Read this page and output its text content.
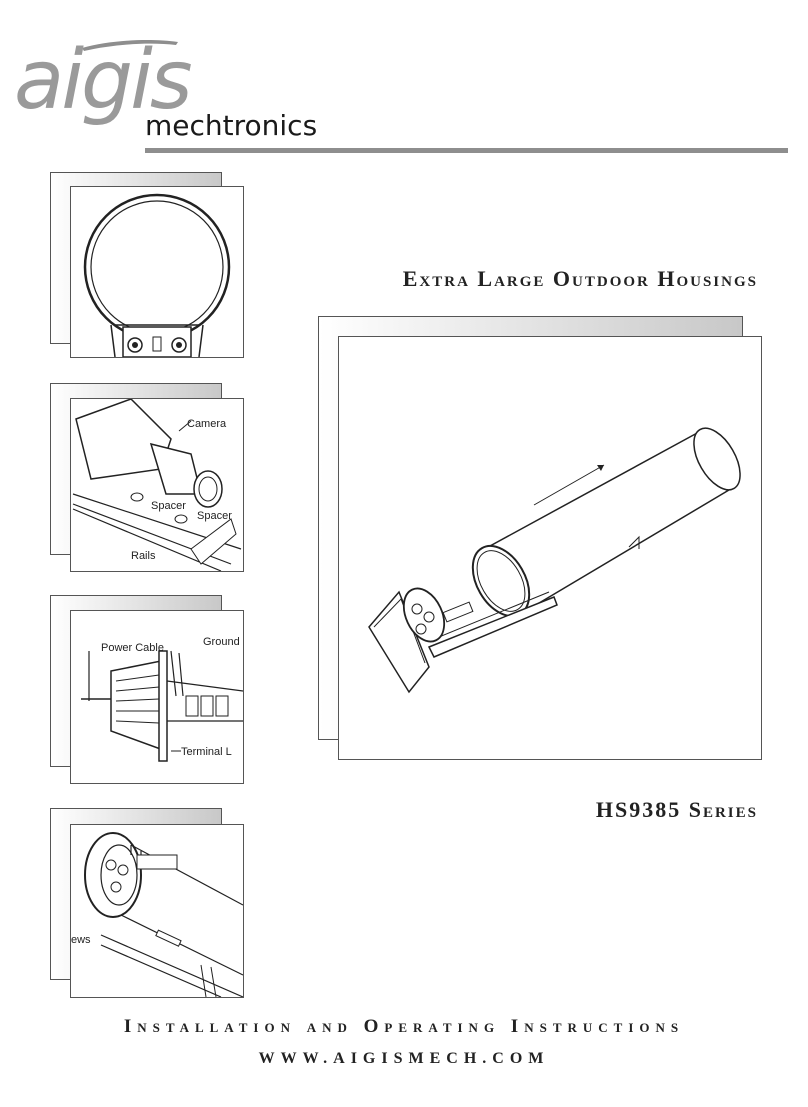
aigis
mechtronics
Camera
Spacer
Spacer
Rails
Power Cable	Ground
Terminal L
ews
Extra Large Outdoor Housings
HS9385 Series
Installation and Operating Instructions
WWW.AIGISMECH.COM
